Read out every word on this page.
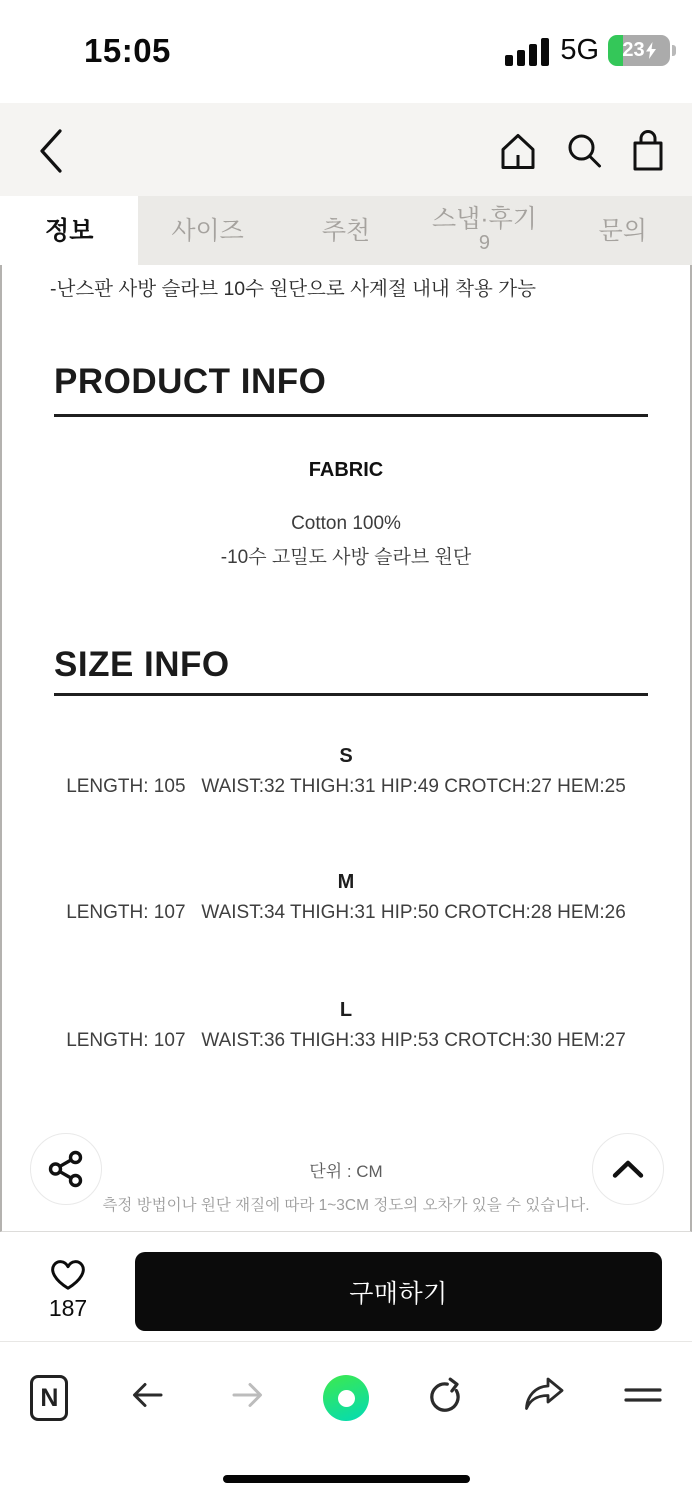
15:05	5G 23
정보	사이즈	추천 스냅·후기
9	문의

-난스판 사방 슬라브 10수 원단으로 사계절 내내 착용 가능

PRODUCT INFO
FABRIC
Cotton 100%
-10수 고밀도 사방 슬라브 원단
SIZE INFO
S
LENGTH: 105   WAIST:32 THIGH:31 HIP:49 CROTCH:27 HEM:25
M
LENGTH: 107   WAIST:34 THIGH:31 HIP:50 CROTCH:28 HEM:26
L
LENGTH: 107   WAIST:36 THIGH:33 HIP:53 CROTCH:30 HEM:27
단위 : CM
측정 방법이나 원단 재질에 따라 1~3CM 정도의 오차가 있을 수 있습니다.
187
구매하기
N
